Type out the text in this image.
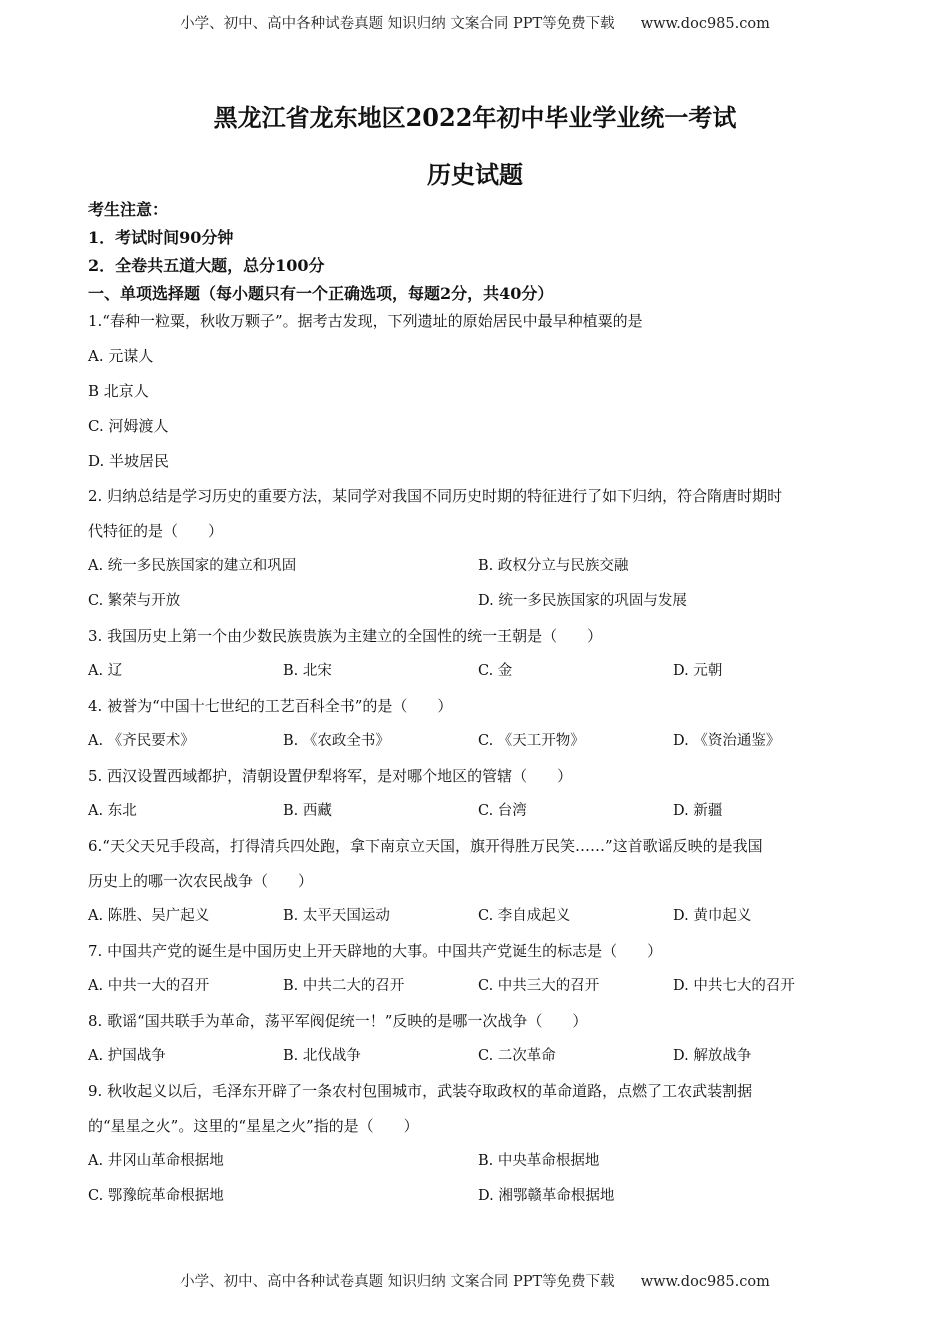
小学、初中、高中各种试卷真题 知识归纳 文案合同 PPT等免费下载 www.doc985.com
黑龙江省龙东地区2022年初中毕业学业统一考试
历史试题
考生注意：
1．考试时间90分钟
2．全卷共五道大题，总分100分
一、单项选择题（每小题只有一个正确选项，每题2分，共40分）
1.“春种一粒粟，秋收万颗子”。据考古发现，下列遗址的原始居民中最早种植粟的是
A. 元谋人
B 北京人
C. 河姆渡人
D. 半坡居民
2. 归纳总结是学习历史的重要方法，某同学对我国不同历史时期的特征进行了如下归纳，符合隋唐时期时
代特征的是（　　）
A. 统一多民族国家的建立和巩固	B. 政权分立与民族交融
C. 繁荣与开放	D. 统一多民族国家的巩固与发展
3. 我国历史上第一个由少数民族贵族为主建立的全国性的统一王朝是（　　）
A. 辽	B. 北宋	C. 金	D. 元朝
4. 被誉为“中国十七世纪的工艺百科全书”的是（　　）
A. 《齐民要术》	B. 《农政全书》	C. 《天工开物》	D. 《资治通鉴》
5. 西汉设置西域都护，清朝设置伊犁将军，是对哪个地区的管辖（　　）
A. 东北	B. 西藏	C. 台湾	D. 新疆
6.“天父天兄手段高，打得清兵四处跑，拿下南京立天国，旗开得胜万民笑……”这首歌谣反映的是我国
历史上的哪一次农民战争（　　）
A. 陈胜、吴广起义	B. 太平天国运动	C. 李自成起义	D. 黄巾起义
7. 中国共产党的诞生是中国历史上开天辟地的大事。中国共产党诞生的标志是（　　）
A. 中共一大的召开	B. 中共二大的召开	C. 中共三大的召开	D. 中共七大的召开
8. 歌谣“国共联手为革命，荡平军阀促统一！”反映的是哪一次战争（　　）
A. 护国战争	B. 北伐战争	C. 二次革命	D. 解放战争
9. 秋收起义以后，毛泽东开辟了一条农村包围城市，武装夺取政权的革命道路，点燃了工农武装割据
的“星星之火”。这里的“星星之火”指的是（　　）
A. 井冈山革命根据地	B. 中央革命根据地
C. 鄂豫皖革命根据地	D. 湘鄂赣革命根据地
小学、初中、高中各种试卷真题 知识归纳 文案合同 PPT等免费下载 www.doc985.com
